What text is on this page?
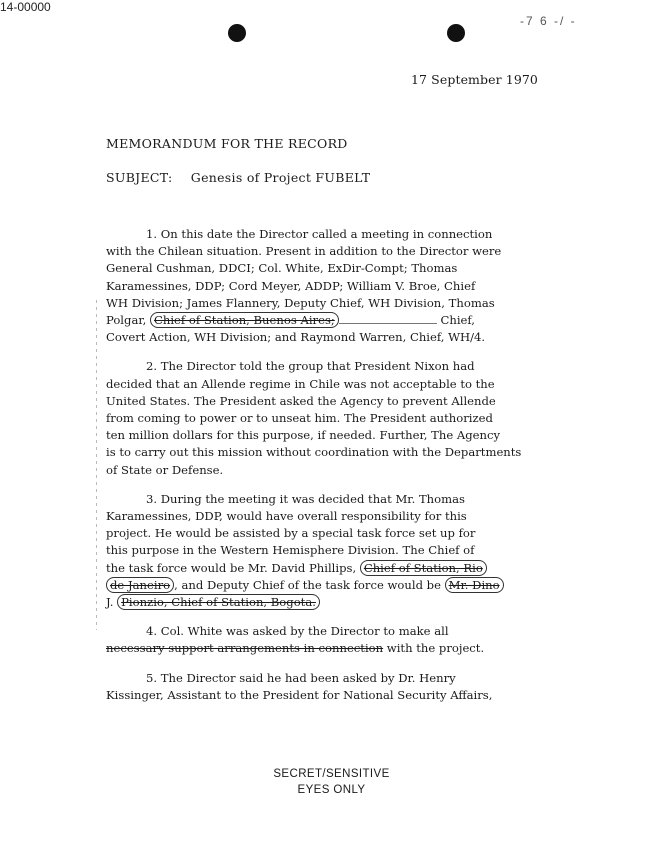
14-00000
-7 6 -/ -
17 September 1970
MEMORANDUM FOR THE RECORD
SUBJECT: Genesis of Project FUBELT
1. On this date the Director called a meeting in connection
with the Chilean situation. Present in addition to the Director were
General Cushman, DDCI; Col. White, ExDir-Compt; Thomas
Karamessines, DDP; Cord Meyer, ADDP; William V. Broe, Chief
WH Division; James Flannery, Deputy Chief, WH Division, Thomas
Polgar, Chief of Station, Buenos Aires;	Chief,
Covert Action, WH Division; and Raymond Warren, Chief, WH/4.
2. The Director told the group that President Nixon had
decided that an Allende regime in Chile was not acceptable to the
United States. The President asked the Agency to prevent Allende
from coming to power or to unseat him. The President authorized
ten million dollars for this purpose, if needed. Further, The Agency
is to carry out this mission without coordination with the Departments
of State or Defense.
3. During the meeting it was decided that Mr. Thomas
Karamessines, DDP, would have overall responsibility for this
project. He would be assisted by a special task force set up for
this purpose in the Western Hemisphere Division. The Chief of
the task force would be Mr. David Phillips, Chief of Station, Rio
de Janeiro , and Deputy Chief of the task force would be Mr. Dino
J. Pionzio, Chief of Station, Bogota.
4. Col. White was asked by the Director to make all
necessary support arrangements in connection with the project.
5. The Director said he had been asked by Dr. Henry
Kissinger, Assistant to the President for National Security Affairs,
SECRET/SENSITIVE
EYES ONLY
